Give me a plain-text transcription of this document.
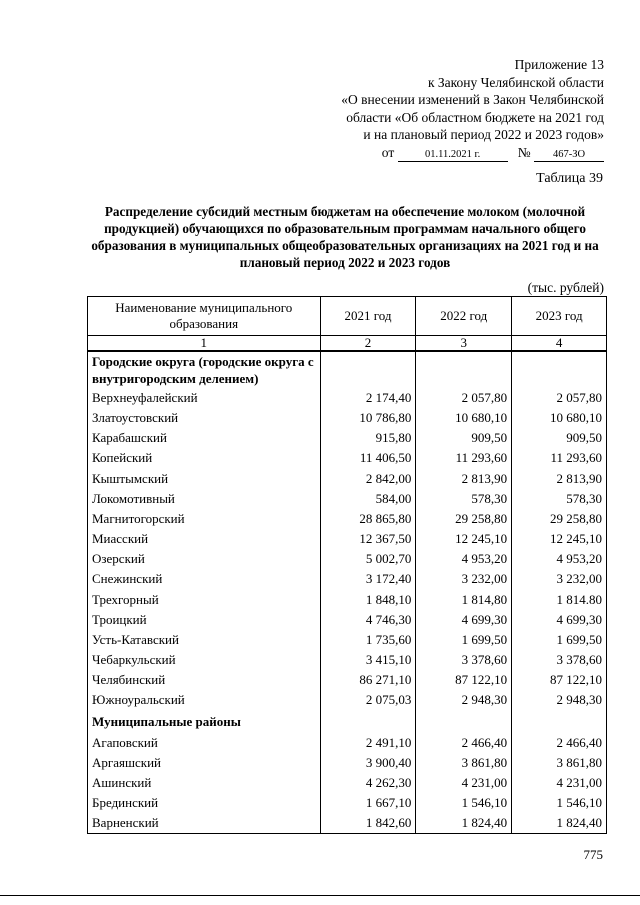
Приложение 13
к Закону Челябинской области
«О внесении изменений в Закон Челябинской
области «Об областном бюджете на 2021 год
и на плановый период 2022 и 2023 годов»
от	01.11.2021 г.	№ 467-ЗО
Таблица 39
Распределение субсидий местным бюджетам на обеспечение молоком (молочной продукцией) обучающихся по образовательным программам начального общего образования в муниципальных общеобразовательных организациях на 2021 год и на плановый период 2022 и 2023 годов
(тыс. рублей)
Наименование муниципального образования	2021 год	2022 год	2023 год
1	2	3	4
Городские округа (городские округа с внутригородским делением)			
Верхнеуфалейский	2 174,40	2 057,80	2 057,80
Златоустовский	10 786,80	10 680,10	10 680,10
Карабашский	915,80	909,50	909,50
Копейский	11 406,50	11 293,60	11 293,60
Кыштымский	2 842,00	2 813,90	2 813,90
Локомотивный	584,00	578,30	578,30
Магнитогорский	28 865,80	29 258,80	29 258,80
Миасский	12 367,50	12 245,10	12 245,10
Озерский	5 002,70	4 953,20	4 953,20
Снежинский	3 172,40	3 232,00	3 232,00
Трехгорный	1 848,10	1 814,80	1 814.80
Троицкий	4 746,30	4 699,30	4 699,30
Усть-Катавский	1 735,60	1 699,50	1 699,50
Чебаркульский	3 415,10	3 378,60	3 378,60
Челябинский	86 271,10	87 122,10	87 122,10
Южноуральский	2 075,03	2 948,30	2 948,30
Муниципальные районы			
Агаповский	2 491,10	2 466,40	2 466,40
Аргаяшский	3 900,40	3 861,80	3 861,80
Ашинский	4 262,30	4 231,00	4 231,00
Брединский	1 667,10	1 546,10	1 546,10
Варненский	1 842,60	1 824,40	1 824,40
775
